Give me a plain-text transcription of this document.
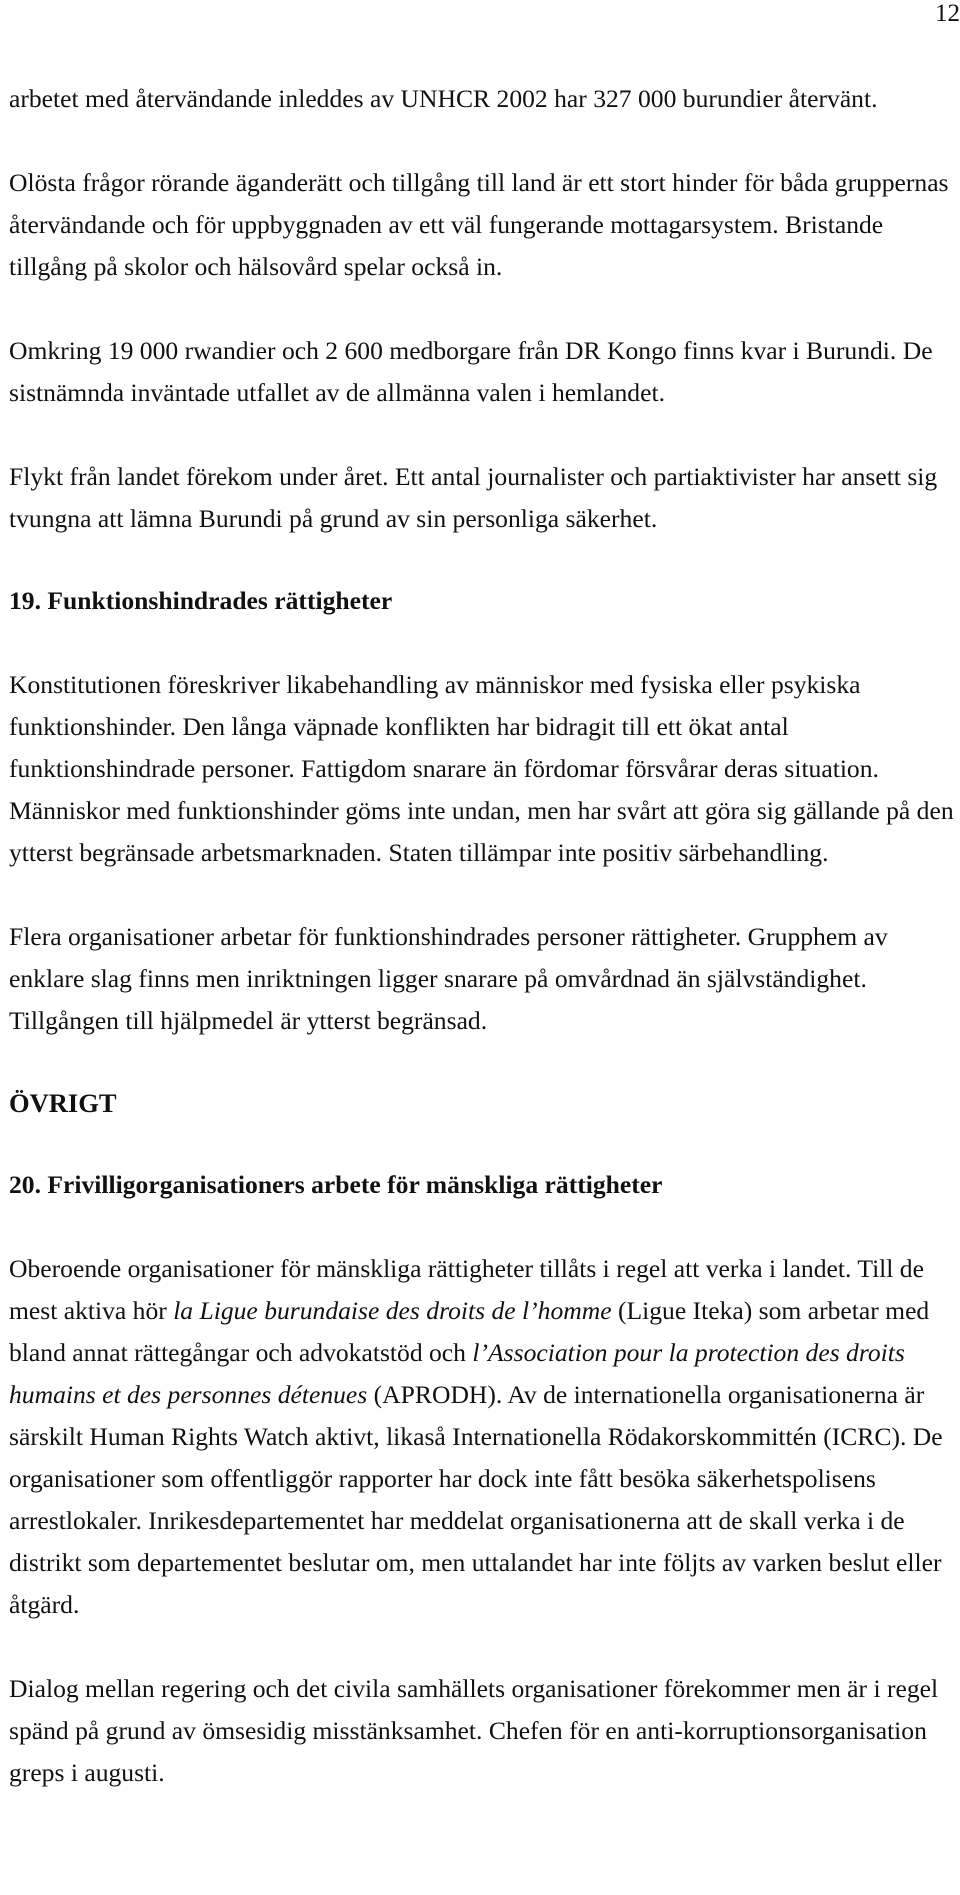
12

arbetet med återvändande inleddes av UNHCR 2002 har 327 000 burundier återvänt.

Olösta frågor rörande äganderätt och tillgång till land är ett stort hinder för båda gruppernas återvändande och för uppbyggnaden av ett väl fungerande mottagarsystem. Bristande tillgång på skolor och hälsovård spelar också in.

Omkring 19 000 rwandier och 2 600 medborgare från DR Kongo finns kvar i Burundi. De sistnämnda inväntade utfallet av de allmänna valen i hemlandet.

Flykt från landet förekom under året. Ett antal journalister och partiaktivister har ansett sig tvungna att lämna Burundi på grund av sin personliga säkerhet.

19. Funktionshindrades rättigheter

Konstitutionen föreskriver likabehandling av människor med fysiska eller psykiska funktionshinder. Den långa väpnade konflikten har bidragit till ett ökat antal funktionshindrade personer. Fattigdom snarare än fördomar försvårar deras situation. Människor med funktionshinder göms inte undan, men har svårt att göra sig gällande på den ytterst begränsade arbetsmarknaden. Staten tillämpar inte positiv särbehandling.

Flera organisationer arbetar för funktionshindrades personer rättigheter. Grupphem av enklare slag finns men inriktningen ligger snarare på omvårdnad än självständighet. Tillgången till hjälpmedel är ytterst begränsad.

ÖVRIGT

20. Frivilligorganisationers arbete för mänskliga rättigheter

Oberoende organisationer för mänskliga rättigheter tillåts i regel att verka i landet. Till de mest aktiva hör la Ligue burundaise des droits de l’homme (Ligue Iteka) som arbetar med bland annat rättegångar och advokatstöd och l’Association pour la protection des droits humains et des personnes détenues (APRODH). Av de internationella organisationerna är särskilt Human Rights Watch aktivt, likaså Internationella Rödakorskommittén (ICRC). De organisationer som offentliggör rapporter har dock inte fått besöka säkerhetspolisens arrestlokaler. Inrikesdepartementet har meddelat organisationerna att de skall verka i de distrikt som departementet beslutar om, men uttalandet har inte följts av varken beslut eller åtgärd.

Dialog mellan regering och det civila samhällets organisationer förekommer men är i regel spänd på grund av ömsesidig misstänksamhet. Chefen för en anti-korruptionsorganisation greps i augusti.
